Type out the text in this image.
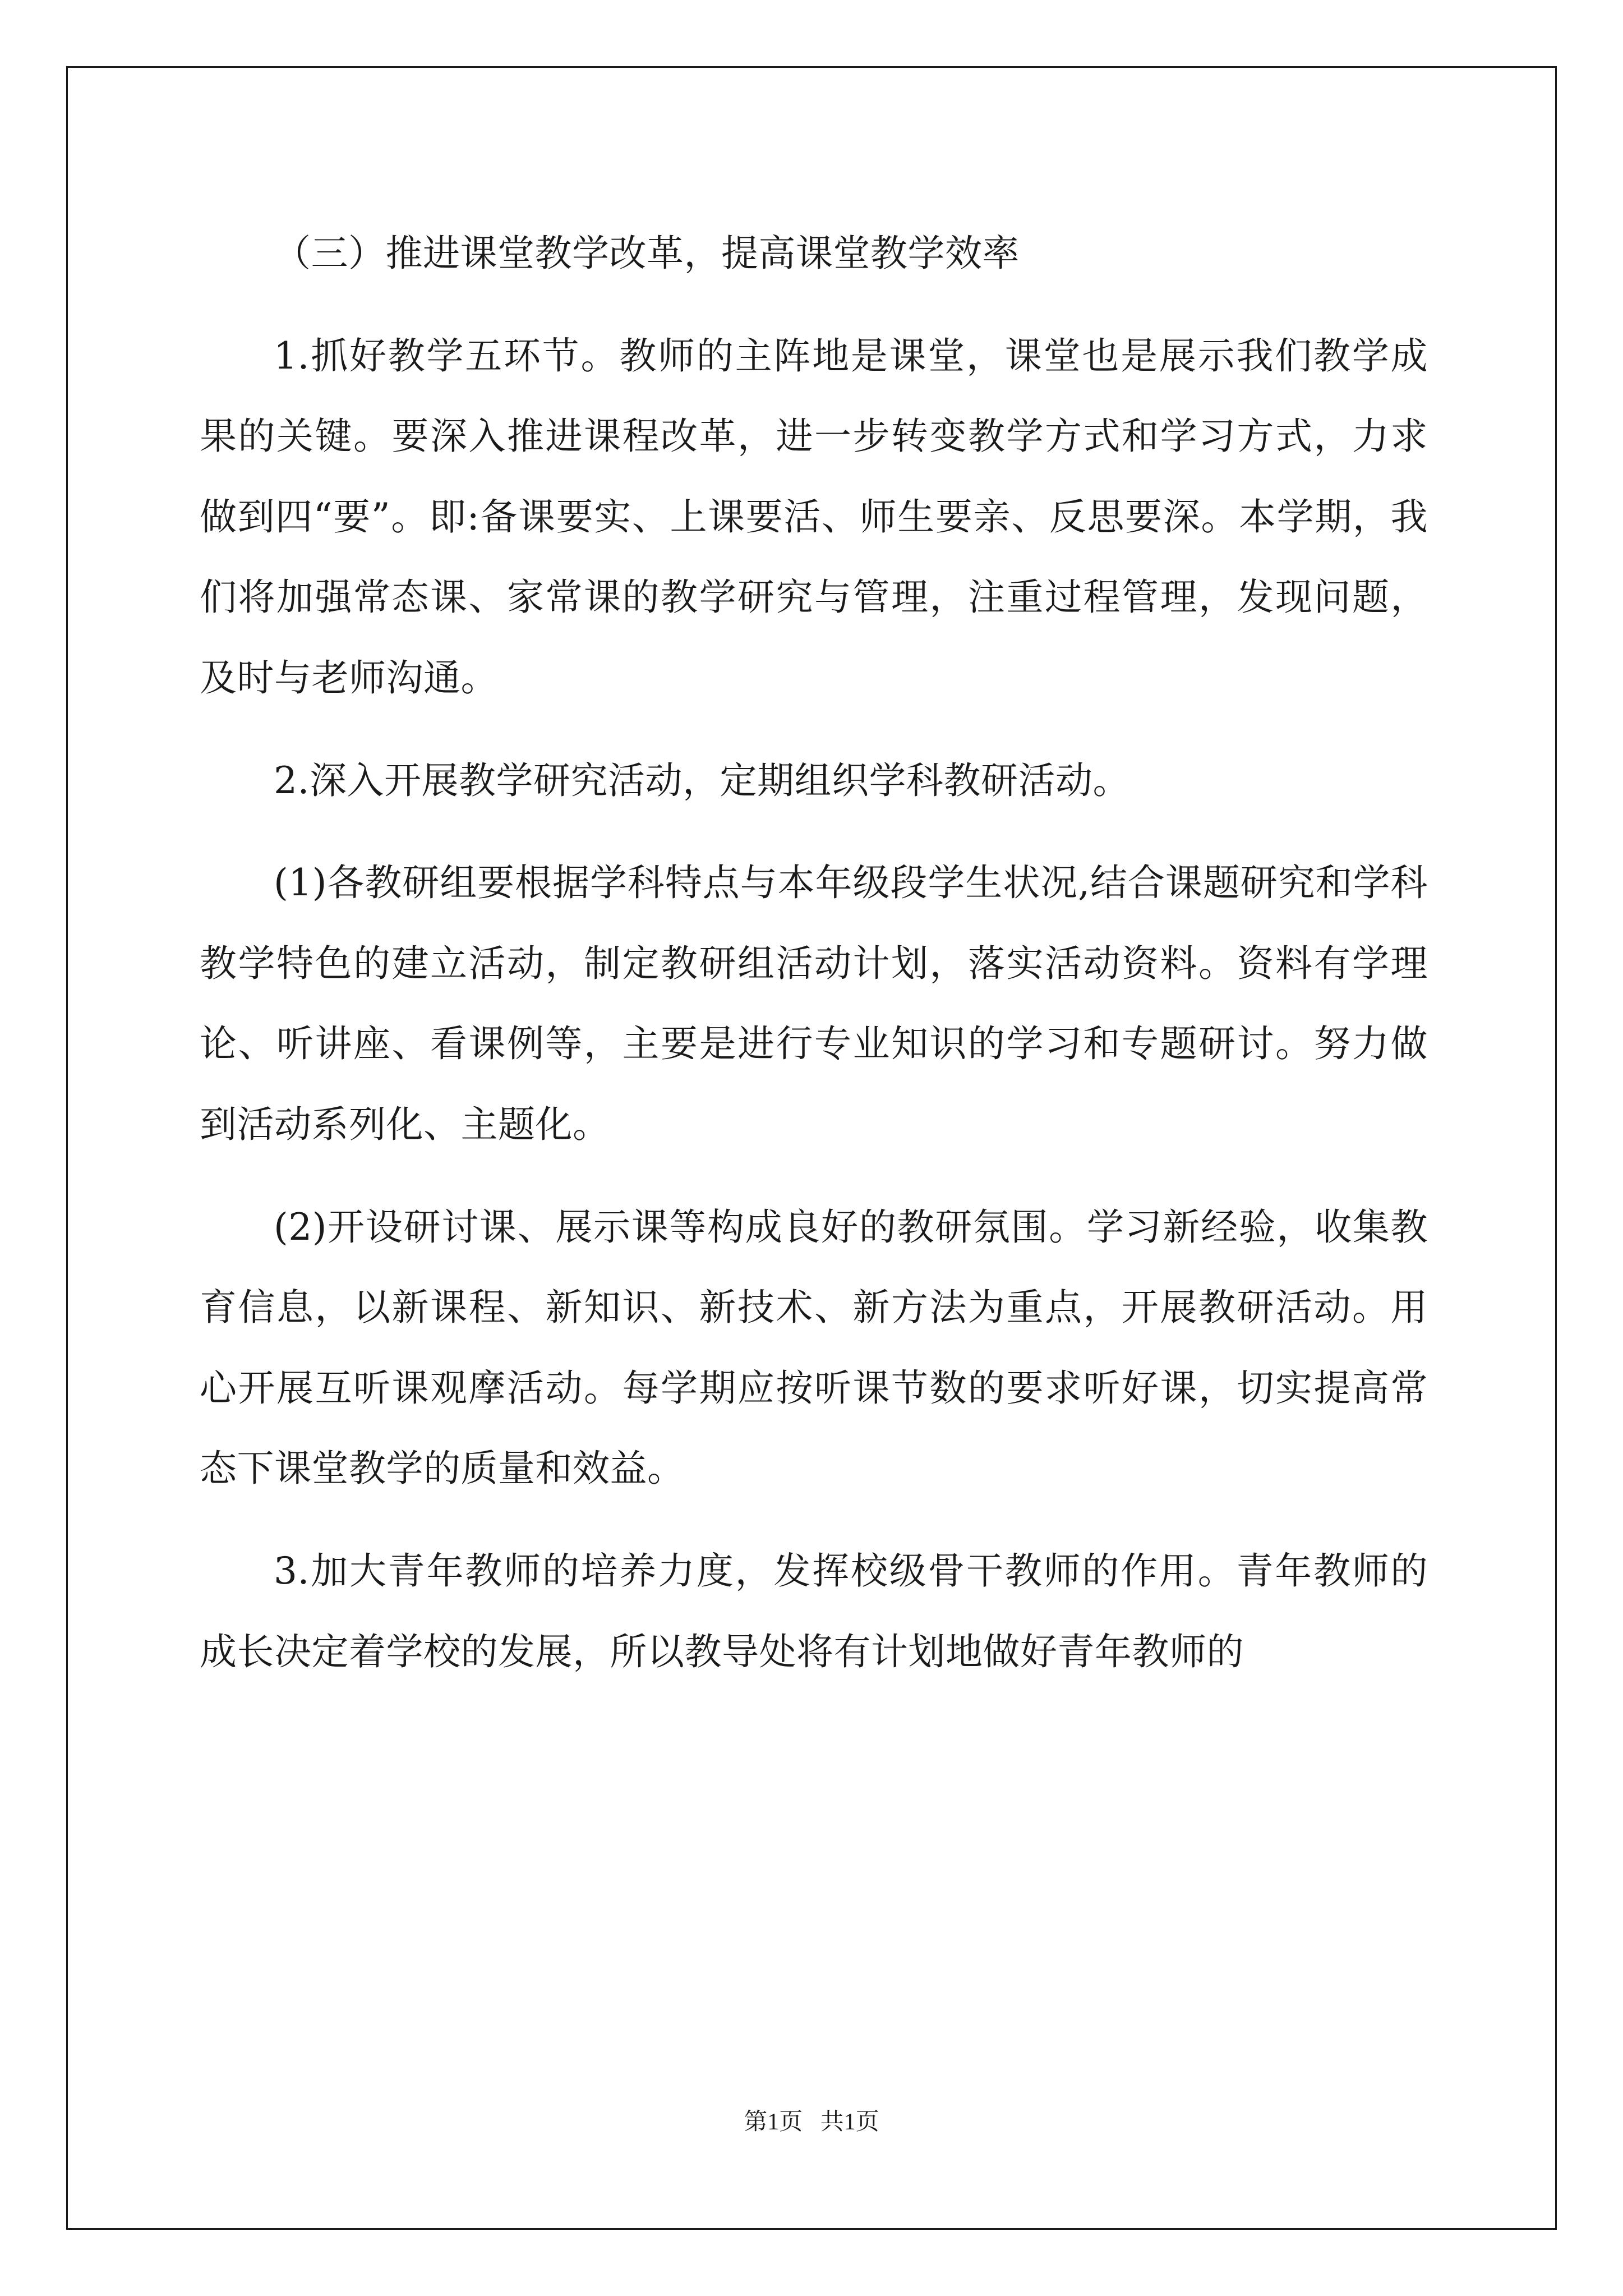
（三）推进课堂教学改革，提高课堂教学效率

1.抓好教学五环节。教师的主阵地是课堂，课堂也是展示我们教学成果的关键。要深入推进课程改革，进一步转变教学方式和学习方式，力求做到四“要”。即:备课要实、上课要活、师生要亲、反思要深。本学期，我们将加强常态课、家常课的教学研究与管理，注重过程管理，发现问题，及时与老师沟通。

2.深入开展教学研究活动，定期组织学科教研活动。

(1)各教研组要根据学科特点与本年级段学生状况,结合课题研究和学科教学特色的建立活动，制定教研组活动计划，落实活动资料。资料有学理论、听讲座、看课例等，主要是进行专业知识的学习和专题研讨。努力做到活动系列化、主题化。

(2)开设研讨课、展示课等构成良好的教研氛围。学习新经验，收集教育信息，以新课程、新知识、新技术、新方法为重点，开展教研活动。用心开展互听课观摩活动。每学期应按听课节数的要求听好课，切实提高常态下课堂教学的质量和效益。

3.加大青年教师的培养力度，发挥校级骨干教师的作用。青年教师的成长决定着学校的发展，所以教导处将有计划地做好青年教师的

第1页 共1页
